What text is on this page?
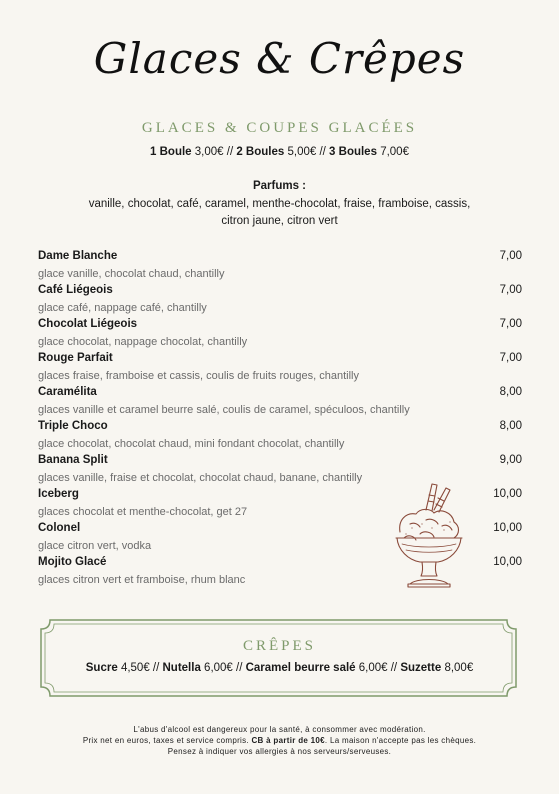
Glaces & Crêpes
GLACES & COUPES GLACÉES
1 Boule 3,00€ // 2 Boules 5,00€ // 3 Boules 7,00€
Parfums :
vanille, chocolat, café, caramel, menthe-chocolat, fraise, framboise, cassis, citron jaune, citron vert
Dame Blanche	7,00
glace vanille, chocolat chaud, chantilly
Café Liégeois	7,00
glace café, nappage café, chantilly
Chocolat Liégeois	7,00
glace chocolat, nappage chocolat, chantilly
Rouge Parfait	7,00
glaces fraise, framboise et cassis, coulis de fruits rouges, chantilly
Caramélita	8,00
glaces vanille et caramel beurre salé, coulis de caramel, spéculoos, chantilly
Triple Choco	8,00
glace chocolat, chocolat chaud, mini fondant chocolat, chantilly
Banana Split	9,00
glaces vanille, fraise et chocolat, chocolat chaud, banane, chantilly
Iceberg	10,00
glaces chocolat et menthe-chocolat, get 27
Colonel	10,00
glace citron vert, vodka
Mojito Glacé	10,00
glaces citron vert et framboise, rhum blanc
CRÊPES
Sucre 4,50€ // Nutella 6,00€ // Caramel beurre salé 6,00€ // Suzette 8,00€
L'abus d'alcool est dangereux pour la santé, à consommer avec modération.
Prix net en euros, taxes et service compris. CB à partir de 10€. La maison n'accepte pas les chèques.
Pensez à indiquer vos allergies à nos serveurs/serveuses.
